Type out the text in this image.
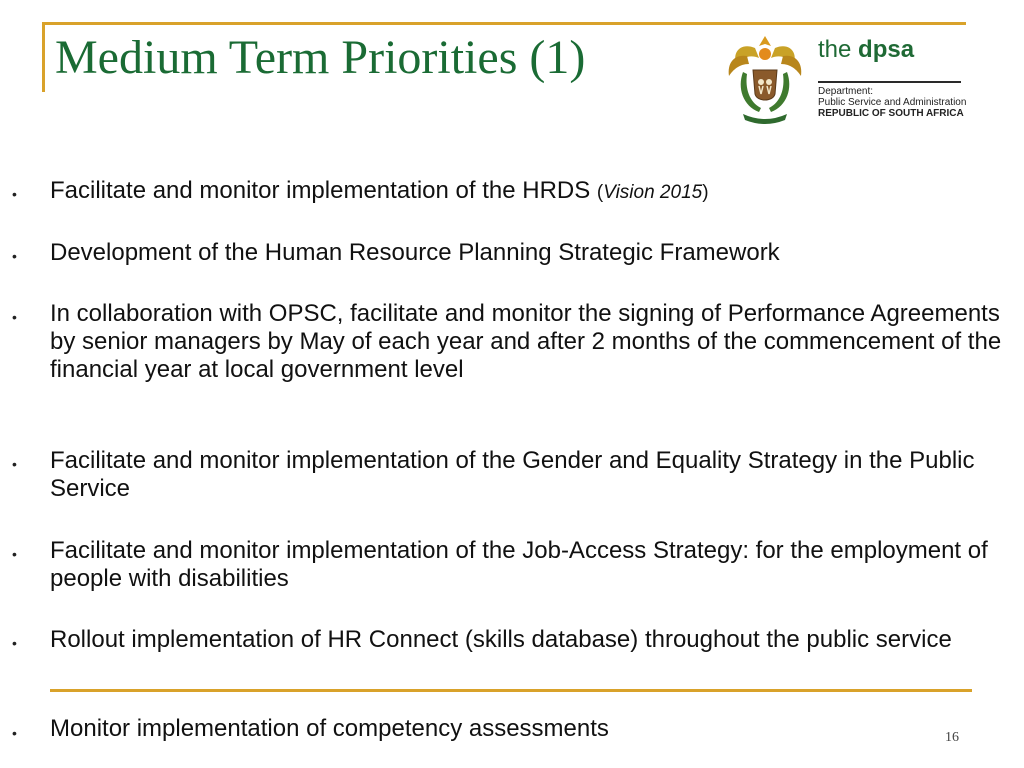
Medium Term Priorities (1)	the dpsa
Department:
Public Service and Administration
REPUBLIC OF SOUTH AFRICA
• Facilitate and monitor implementation of the HRDS (Vision 2015)
• Development of the Human Resource Planning Strategic Framework
• In collaboration with OPSC, facilitate and monitor the signing of Performance Agreements by senior managers by May of each year and after 2 months of the commencement of the financial year at local government level
• Facilitate and monitor implementation of the Gender and Equality Strategy in the Public Service
• Facilitate and monitor implementation of the Job-Access Strategy: for the employment of people with disabilities
• Rollout implementation of HR Connect (skills database) throughout the public service
• Monitor implementation of competency assessments	16
